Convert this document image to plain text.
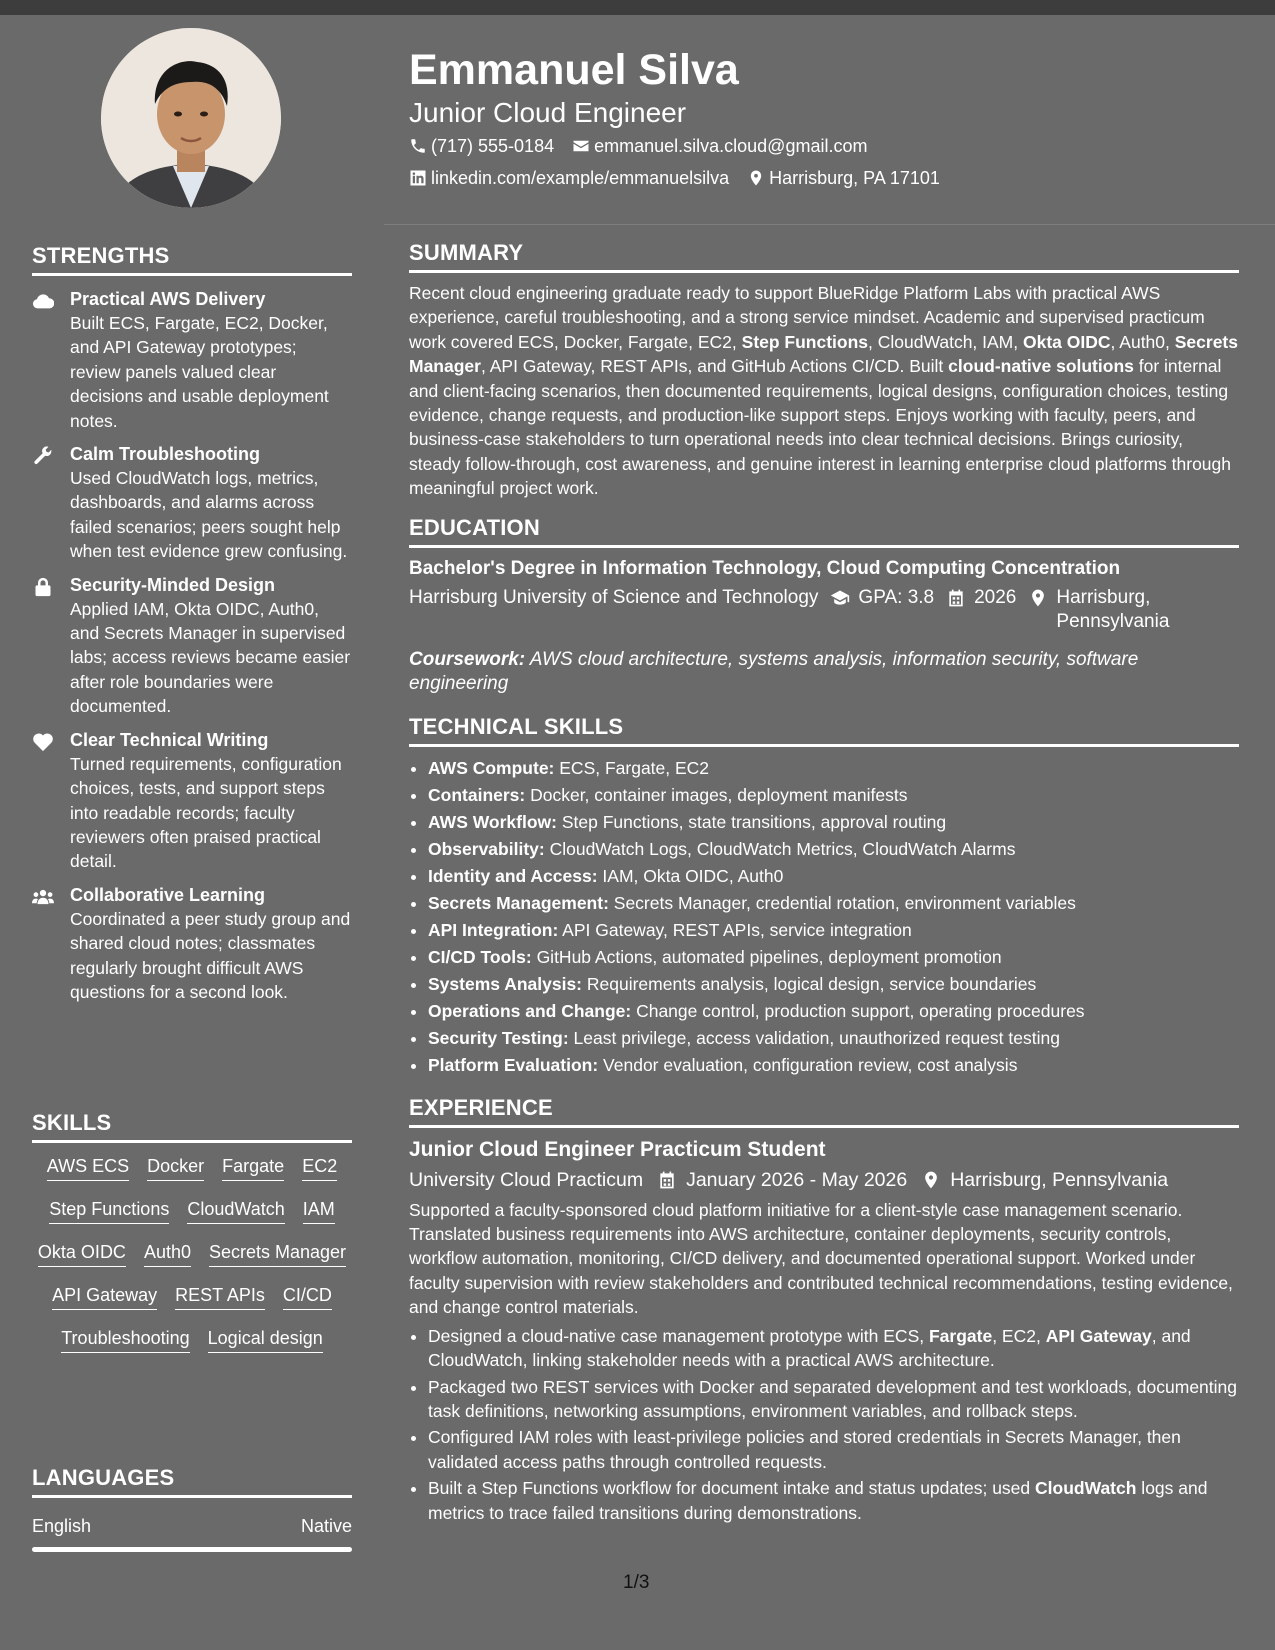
STRENGTHS
Practical AWS Delivery
Built ECS, Fargate, EC2, Docker, and API Gateway prototypes; review panels valued clear decisions and usable deployment notes.
Calm Troubleshooting
Used CloudWatch logs, metrics, dashboards, and alarms across failed scenarios; peers sought help when test evidence grew confusing.
Security-Minded Design
Applied IAM, Okta OIDC, Auth0, and Secrets Manager in supervised labs; access reviews became easier after role boundaries were documented.
Clear Technical Writing
Turned requirements, configuration choices, tests, and support steps into readable records; faculty reviewers often praised practical detail.
Collaborative Learning
Coordinated a peer study group and shared cloud notes; classmates regularly brought difficult AWS questions for a second look.
SKILLS
AWS ECS Docker Fargate EC2
Step Functions CloudWatch IAM
Okta OIDC Auth0 Secrets Manager
API Gateway REST APIs CI/CD
Troubleshooting Logical design
LANGUAGES
English	Native
Emmanuel Silva
Junior Cloud Engineer
(717) 555-0184 emmanuel.silva.cloud@gmail.com
linkedin.com/example/emmanuelsilva Harrisburg, PA 17101
SUMMARY

Recent cloud engineering graduate ready to support BlueRidge Platform Labs with practical AWS experience, careful troubleshooting, and a strong service mindset. Academic and supervised practicum work covered ECS, Docker, Fargate, EC2, Step Functions, CloudWatch, IAM, Okta OIDC, Auth0, Secrets Manager, API Gateway, REST APIs, and GitHub Actions CI/CD. Built cloud-native solutions for internal and client-facing scenarios, then documented requirements, logical designs, configuration choices, testing evidence, change requests, and production-like support steps. Enjoys working with faculty, peers, and business-case stakeholders to turn operational needs into clear technical decisions. Brings curiosity, steady follow-through, cost awareness, and genuine interest in learning enterprise cloud platforms through meaningful project work.

EDUCATION
Bachelor's Degree in Information Technology, Cloud Computing Concentration
Harrisburg University of Science and Technology GPA: 3.8 2026 Harrisburg, Pennsylvania
Coursework: AWS cloud architecture, systems analysis, information security, software engineering
TECHNICAL SKILLS
• AWS Compute: ECS, Fargate, EC2
• Containers: Docker, container images, deployment manifests
• AWS Workflow: Step Functions, state transitions, approval routing
• Observability: CloudWatch Logs, CloudWatch Metrics, CloudWatch Alarms
• Identity and Access: IAM, Okta OIDC, Auth0
• Secrets Management: Secrets Manager, credential rotation, environment variables
• API Integration: API Gateway, REST APIs, service integration
• CI/CD Tools: GitHub Actions, automated pipelines, deployment promotion
• Systems Analysis: Requirements analysis, logical design, service boundaries
• Operations and Change: Change control, production support, operating procedures
• Security Testing: Least privilege, access validation, unauthorized request testing
• Platform Evaluation: Vendor evaluation, configuration review, cost analysis
EXPERIENCE
Junior Cloud Engineer Practicum Student
University Cloud Practicum January 2026 - May 2026 Harrisburg, Pennsylvania

Supported a faculty-sponsored cloud platform initiative for a client-style case management scenario. Translated business requirements into AWS architecture, container deployments, security controls, workflow automation, monitoring, CI/CD delivery, and documented operational support. Worked under faculty supervision with review stakeholders and contributed technical recommendations, testing evidence, and change control materials.

• Designed a cloud-native case management prototype with ECS, Fargate, EC2, API Gateway, and CloudWatch, linking stakeholder needs with a practical AWS architecture.
• Packaged two REST services with Docker and separated development and test workloads, documenting task definitions, networking assumptions, environment variables, and rollback steps.
• Configured IAM roles with least-privilege policies and stored credentials in Secrets Manager, then validated access paths through controlled requests.
• Built a Step Functions workflow for document intake and status updates; used CloudWatch logs and metrics to trace failed transitions during demonstrations.
1/3
